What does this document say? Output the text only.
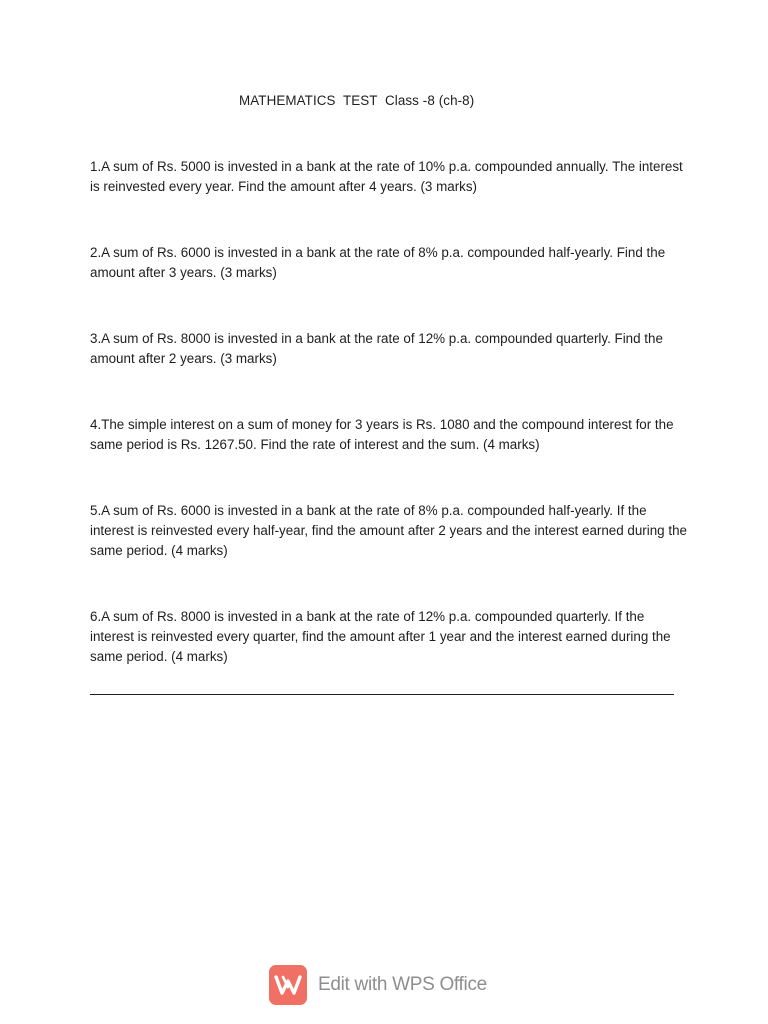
MATHEMATICS  TEST  Class -8 (ch-8)
1.A sum of Rs. 5000 is invested in a bank at the rate of 10% p.a. compounded annually. The interest is reinvested every year. Find the amount after 4 years. (3 marks)
2.A sum of Rs. 6000 is invested in a bank at the rate of 8% p.a. compounded half-yearly. Find the amount after 3 years. (3 marks)
3.A sum of Rs. 8000 is invested in a bank at the rate of 12% p.a. compounded quarterly. Find the amount after 2 years. (3 marks)
4.The simple interest on a sum of money for 3 years is Rs. 1080 and the compound interest for the same period is Rs. 1267.50. Find the rate of interest and the sum. (4 marks)
5.A sum of Rs. 6000 is invested in a bank at the rate of 8% p.a. compounded half-yearly. If the interest is reinvested every half-year, find the amount after 2 years and the interest earned during the same period. (4 marks)
6.A sum of Rs. 8000 is invested in a bank at the rate of 12% p.a. compounded quarterly. If the interest is reinvested every quarter, find the amount after 1 year and the interest earned during the same period. (4 marks)
Edit with WPS Office
